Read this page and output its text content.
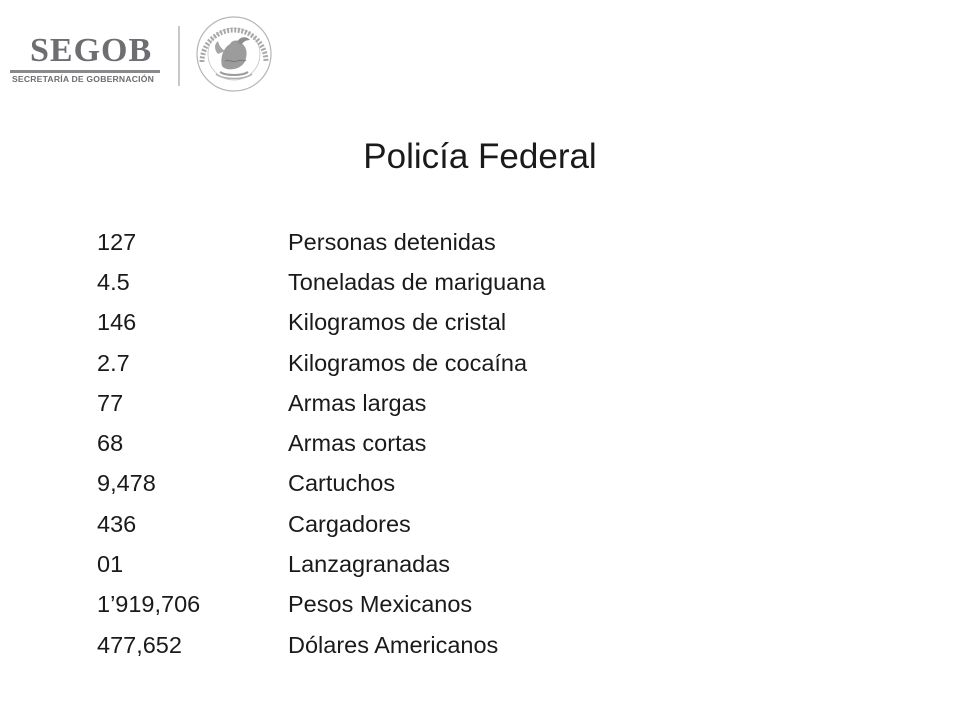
SEGOB
SECRETARÍA DE GOBERNACIÓN
Policía Federal
127	Personas detenidas
4.5	Toneladas de mariguana
146	Kilogramos de cristal
2.7	Kilogramos de cocaína
77	Armas largas
68	Armas cortas
9,478	Cartuchos
436	Cargadores
01	Lanzagranadas
1’919,706	Pesos Mexicanos
477,652	Dólares Americanos
